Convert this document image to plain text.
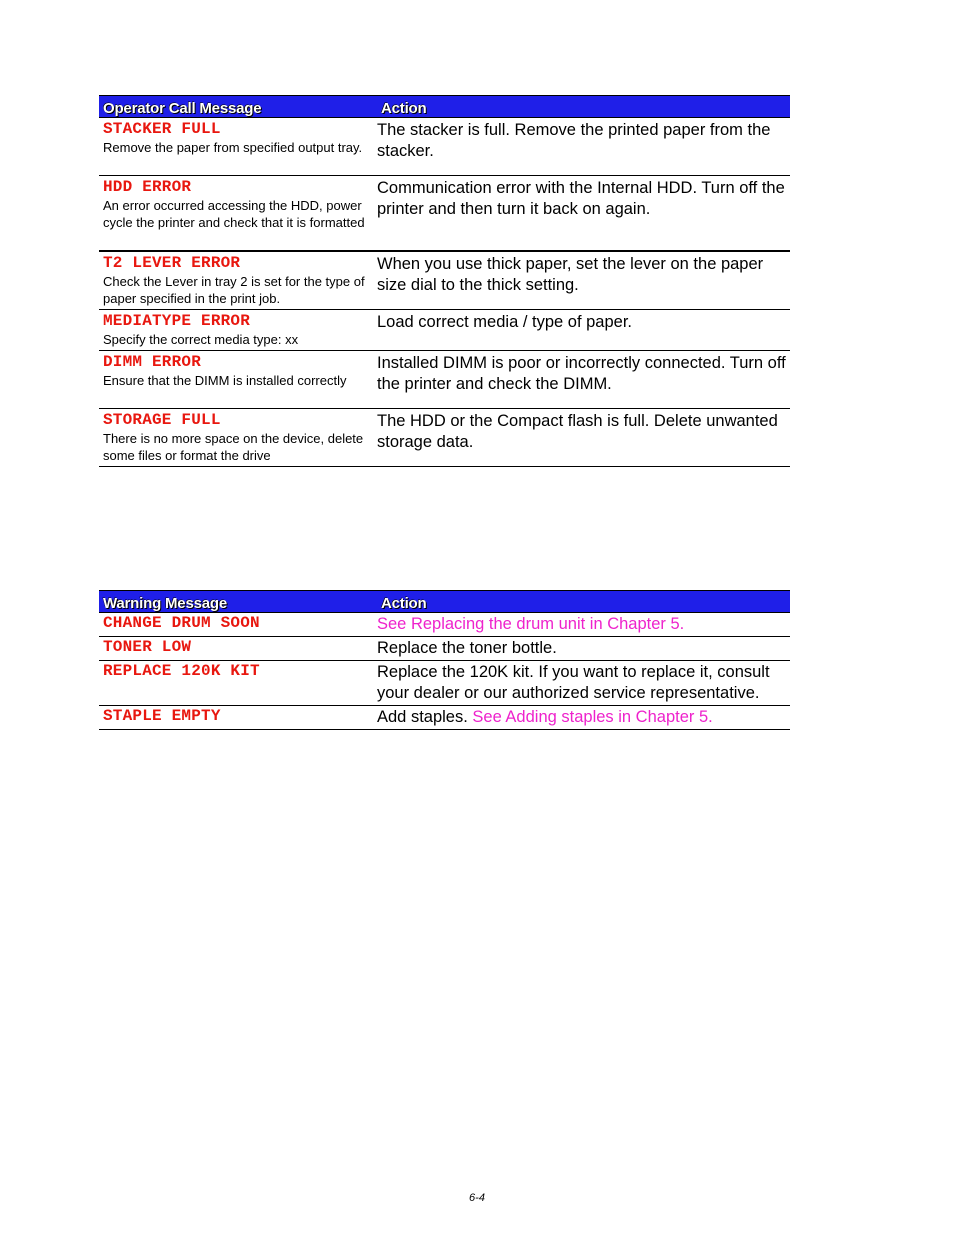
Operator Call Message	Action

STACKER FULL
Remove the paper from specified output tray.	The stacker is full. Remove the printed paper from the stacker.

HDD ERROR
An error occurred accessing the HDD, power cycle the printer and check that it is formatted	Communication error with the Internal HDD. Turn off the printer and then turn it back on again.

T2 LEVER ERROR
Check the Lever in tray 2 is set for the type of paper specified in the print job.	When you use thick paper, set the lever on the paper size dial to the thick setting.

MEDIATYPE ERROR
Specify the correct media type: xx	Load correct media / type of paper.

DIMM ERROR
Ensure that the DIMM is installed correctly	Installed DIMM is poor or incorrectly connected. Turn off the printer and check the DIMM.

STORAGE FULL
There is no more space on the device, delete some files or format the drive	The HDD or the Compact flash is full. Delete unwanted storage data.
Warning Message	Action

CHANGE DRUM SOON	See Replacing the drum unit in Chapter 5.

TONER LOW	Replace the toner bottle.

REPLACE 120K KIT	Replace the 120K kit. If you want to replace it, consult your dealer or our authorized service representative.

STAPLE EMPTY	Add staples. See Adding staples in Chapter 5.
6-4
